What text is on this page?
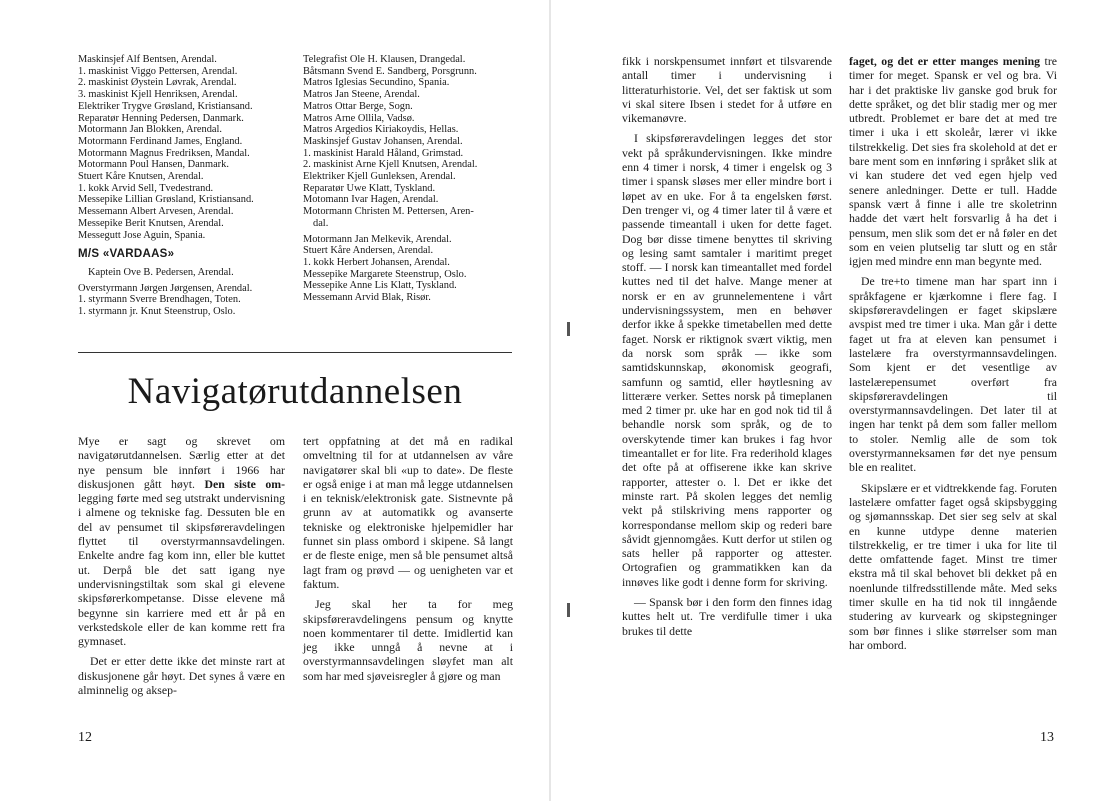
Maskinsjef Alf Bentsen, Arendal.
1. maskinist Viggo Pettersen, Arendal.
2. maskinist Øystein Løvrak, Arendal.
3. maskinist Kjell Henriksen, Arendal.
Elektriker Trygve Grøsland, Kristiansand.
Reparatør Henning Pedersen, Danmark.
Motormann Jan Blokken, Arendal.
Motormann Ferdinand James, England.
Motormann Magnus Fredriksen, Mandal.
Motormann Poul Hansen, Danmark.
Stuert Kåre Knutsen, Arendal.
1. kokk Arvid Sell, Tvedestrand.
Messepike Lillian Grøsland, Kristiansand.
Messemann Albert Arvesen, Arendal.
Messepike Berit Knutsen, Arendal.
Messegutt Jose Aguin, Spania.
M/S «VARDAAS»
Kaptein Ove B. Pedersen, Arendal.
Overstyrmann Jørgen Jørgensen, Arendal.
1. styrmann Sverre Brendhagen, Toten.
1. styrmann jr. Knut Steenstrup, Oslo.
Telegrafist Ole H. Klausen, Drangedal.
Båtsmann Svend E. Sandberg, Porsgrunn.
Matros Iglesias Secundino, Spania.
Matros Jan Steene, Arendal.
Matros Ottar Berge, Sogn.
Matros Arne Ollila, Vadsø.
Matros Argedios Kiriakoydis, Hellas.
Maskinsjef Gustav Johansen, Arendal.
1. maskinist Harald Håland, Grimstad.
2. maskinist Arne Kjell Knutsen, Arendal.
Elektriker Kjell Gunleksen, Arendal.
Reparatør Uwe Klatt, Tyskland.
Motomann Ivar Hagen, Arendal.
Motormann Christen M. Pettersen, Aren-
dal.
Motormann Jan Melkevik, Arendal.
Stuert Kåre Andersen, Arendal.
1. kokk Herbert Johansen, Arendal.
Messepike Margarete Steenstrup, Oslo.
Messepike Anne Lis Klatt, Tyskland.
Messemann Arvid Blak, Risør.
Navigatørutdannelsen

Mye er sagt og skrevet om navigatørutdannelsen. Særlig etter at det nye pensum ble innført i 1966 har diskusjonen gått høyt. Den siste om-legging førte med seg utstrakt undervisning i almene og tekniske fag. Dessuten ble en del av pensumet til skipsføreravdelingen flyttet til overstyrmannsavdelingen. Enkelte andre fag kom inn, eller ble kuttet ut. Derpå ble det satt igang nye undervisningstiltak som skal gi elevene skipsførerkompetanse. Disse elevene må begynne sin karriere med ett år på en verkstedskole eller de kan komme rett fra gymnaset.

Det er etter dette ikke det minste rart at diskusjonene går høyt. Det synes å være en alminnelig og aksep-

tert oppfatning at det må en radikal omveltning til for at utdannelsen av våre navigatører skal bli «up to date». De fleste er også enige i at man må legge utdannelsen i en teknisk/elektronisk gate. Sistnevnte på grunn av at automatikk og avanserte tekniske og elektroniske hjelpemidler har funnet sin plass ombord i skipene. Så langt er de fleste enige, men så ble pensumet altså lagt fram og prøvd — og uenigheten var et faktum.

Jeg skal her ta for meg skipsføreravdelingens pensum og knytte noen kommentarer til dette. Imidlertid kan jeg ikke unngå å nevne at i overstyrmannsavdelingen sløyfet man alt som har med sjøveisregler å gjøre og man

12

fikk i norskpensumet innført et tilsvarende antall timer i undervisning i litteraturhistorie. Vel, det ser faktisk ut som vi skal sitere Ibsen i stedet for å utføre en vikemanøvre.

I skipsføreravdelingen legges det stor vekt på språkundervisningen. Ikke mindre enn 4 timer i norsk, 4 timer i engelsk og 3 timer i spansk sløses mer eller mindre bort i løpet av en uke. For å ta engelsken først. Den trenger vi, og 4 timer later til å være et passende timeantall i uken for dette faget. Dog bør disse timene benyttes til skriving og lesing samt samtaler i maritimt preget stoff. — I norsk kan timeantallet med fordel kuttes ned til det halve. Mange mener at norsk er en av grunnelementene i vårt undervisningssystem, men en behøver derfor ikke å spekke timetabellen med dette faget. Norsk er riktignok svært viktig, men da norsk som språk — ikke som samtidskunnskap, økonomisk geografi, samfunn og samtid, eller høytlesning av litterære verker. Settes norsk på timeplanen med 2 timer pr. uke har en god nok tid til å behandle norsk som språk, og de to overskytende timer kan brukes i fag hvor timeantallet er for lite. Fra rederihold klages det ofte på at offiserene ikke kan skrive rapporter, attester o. l. Det er ikke det minste rart. På skolen legges det nemlig vekt på stilskriving mens rapporter og korrespondanse mellom skip og rederi bare såvidt gjennomgåes. Kutt derfor ut stilen og sats heller på rapporter og attester. Ortografien og grammatikken kan da innøves like godt i denne form for skriving.

— Spansk bør i den form den finnes idag kuttes helt ut. Tre verdifulle timer i uka brukes til dette

faget, og det er etter manges mening tre timer for meget. Spansk er vel og bra. Vi har i det praktiske liv ganske god bruk for dette språket, og det blir stadig mer og mer utbredt. Problemet er bare det at med tre timer i uka i ett skoleår, lærer vi ikke tilstrekkelig. Det sies fra skolehold at det er bare ment som en innføring i språket slik at vi kan studere det ved egen hjelp ved senere anledninger. Dette er tull. Hadde spansk vært å finne i alle tre skoletrinn hadde det vært helt forsvarlig å ha det i pensum, men slik som det er nå føler en det som en veien plutselig tar slutt og en står igjen med mindre enn man begynte med.

De tre+to timene man har spart inn i språkfagene er kjærkomne i flere fag. I skipsføreravdelingen er faget skipslære avspist med tre timer i uka. Man går i dette faget ut fra at eleven kan pensumet i lastelære fra overstyrmannsavdelingen. Som kjent er det vesentlige av lastelærepensumet overført fra skipsføreravdelingen til overstyrmannsavdelingen. Det later til at ingen har tenkt på dem som faller mellom to stoler. Nemlig alle de som tok overstyrmanneksamen før det nye pensum ble en realitet.

Skipslære er et vidtrekkende fag. Foruten lastelære omfatter faget også skipsbygging og sjømannsskap. Det sier seg selv at skal en kunne utdype denne materien tilstrekkelig, er tre timer i uka for lite til dette omfattende faget. Minst tre timer ekstra må til skal behovet bli dekket på en noenlunde tilfredsstillende måte. Med seks timer skulle en ha tid nok til inngående studering av kurveark og skipstegninger som bør finnes i slike størrelser som man har ombord.

13
